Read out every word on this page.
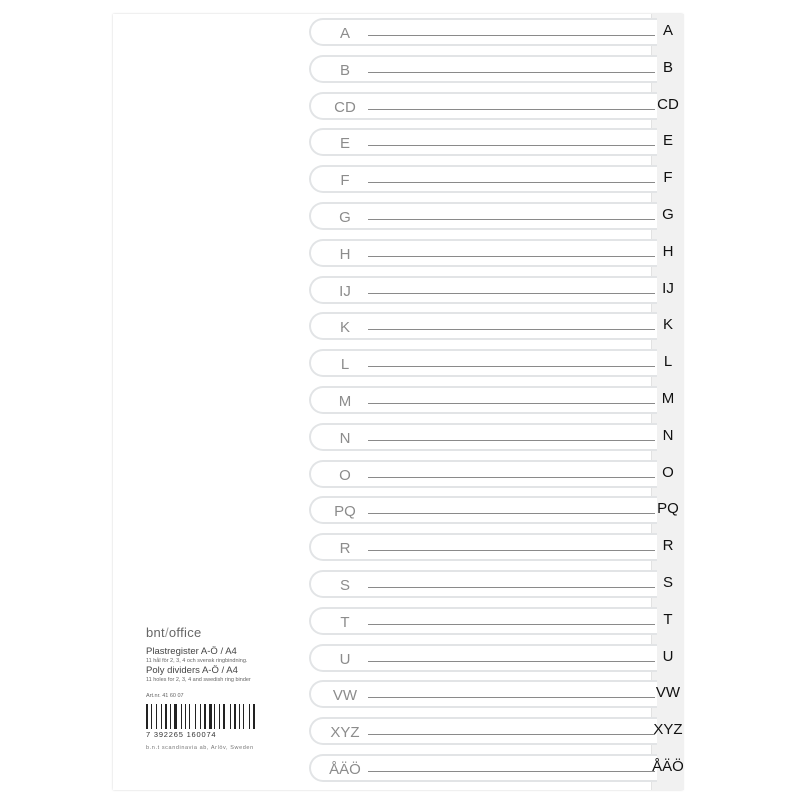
A	A
B	B
CD	CD
E	E
F	F
G	G
H	H
IJ	IJ
K	K
L	L
M	M
N	N
O	O
PQ	PQ
R	R
S	S
T	T
U	U
VW	VW
XYZ	XYZ
ÅÄÖ	ÅÄÖ
bnt/office
Plastregister A-Ö / A4
11 hål för 2, 3, 4 och svensk ringbindning.
Poly dividers A-Ö / A4
11 holes for 2, 3, 4 and swedish ring binder
Art.nr. 41 60 07
7 392265 160074
b.n.t scandinavia ab, Arlöv, Sweden
